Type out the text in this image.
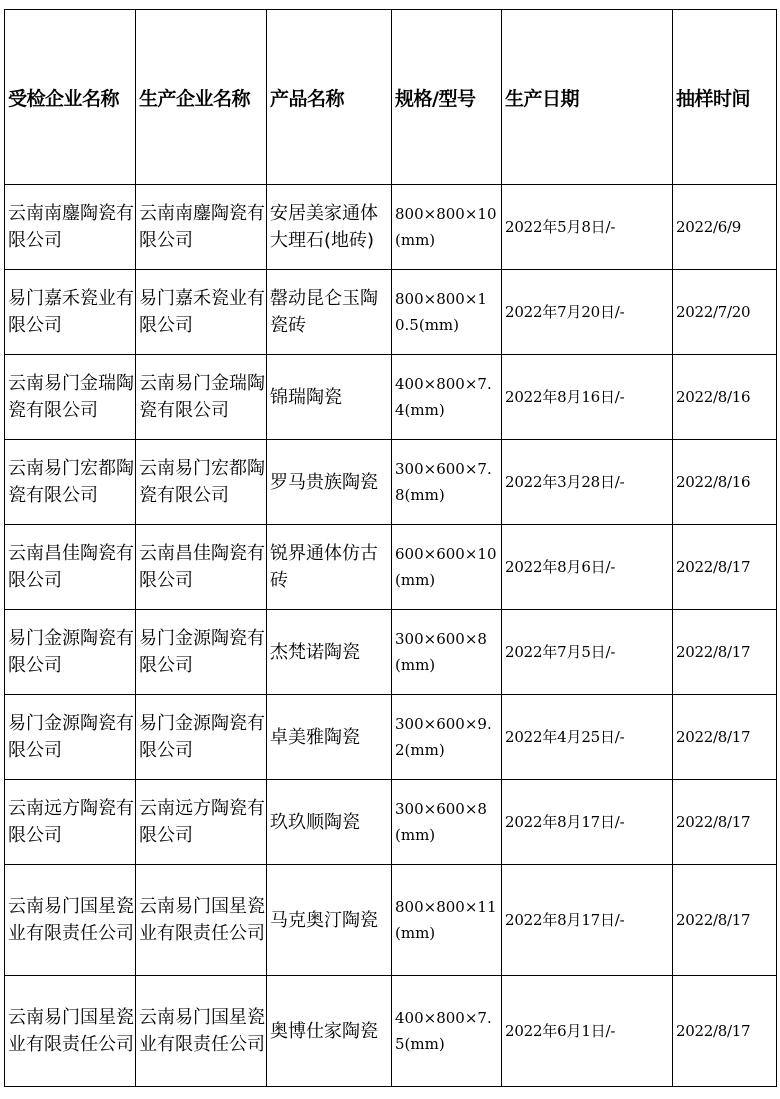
受检企业名称	生产企业名称	产品名称	规格/型号	生产日期	抽样时间
云南南鏖陶瓷有限公司	云南南鏖陶瓷有限公司	安居美家通体大理石(地砖)	800×800×10(mm)	2022年5月8日/-	2022/6/9
易门嘉禾瓷业有限公司	易门嘉禾瓷业有限公司	罄动昆仑玉陶瓷砖	800×800×10.5(mm)	2022年7月20日/-	2022/7/20
云南易门金瑞陶瓷有限公司	云南易门金瑞陶瓷有限公司	锦瑞陶瓷	400×800×7.4(mm)	2022年8月16日/-	2022/8/16
云南易门宏都陶瓷有限公司	云南易门宏都陶瓷有限公司	罗马贵族陶瓷	300×600×7.8(mm)	2022年3月28日/-	2022/8/16
云南昌佳陶瓷有限公司	云南昌佳陶瓷有限公司	锐界通体仿古砖	600×600×10(mm)	2022年8月6日/-	2022/8/17
易门金源陶瓷有限公司	易门金源陶瓷有限公司	杰梵诺陶瓷	300×600×8(mm)	2022年7月5日/-	2022/8/17
易门金源陶瓷有限公司	易门金源陶瓷有限公司	卓美雅陶瓷	300×600×9.2(mm)	2022年4月25日/-	2022/8/17
云南远方陶瓷有限公司	云南远方陶瓷有限公司	玖玖顺陶瓷	300×600×8(mm)	2022年8月17日/-	2022/8/17
云南易门国星瓷业有限责任公司	云南易门国星瓷业有限责任公司	马克奥汀陶瓷	800×800×11(mm)	2022年8月17日/-	2022/8/17
云南易门国星瓷业有限责任公司	云南易门国星瓷业有限责任公司	奥博仕家陶瓷	400×800×7.5(mm)	2022年6月1日/-	2022/8/17
